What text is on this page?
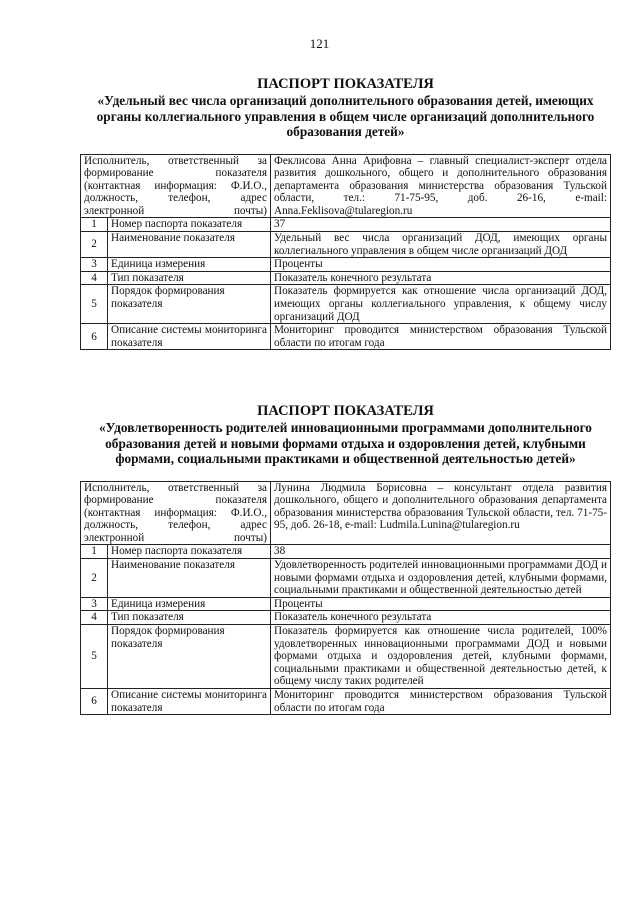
121

ПАСПОРТ ПОКАЗАТЕЛЯ

«Удельный вес числа организаций дополнительного образования детей, имеющих органы коллегиального управления в общем числе организаций дополнительного образования детей»

Исполнитель, ответственный за формирование показателя (контактная информация: Ф.И.О., должность, телефон, адрес электронной почты)		Феклисова Анна Арифовна – главный специалист-эксперт отдела развития дошкольного, общего и дополнительного образования департамента образования министерства образования Тульской области, тел.: 71-75-95, доб. 26-16, e-mail: Anna.Feklisova@tularegion.ru
1	Номер паспорта показателя	37
2	Наименование показателя	Удельный вес числа организаций ДОД, имеющих органы коллегиального управления в общем числе организаций ДОД
3	Единица измерения	Проценты
4	Тип показателя	Показатель конечного результата
5	Порядок формирования показателя	Показатель формируется как отношение числа организаций ДОД, имеющих органы коллегиального управления, к общему числу организаций ДОД
6	Описание системы мониторинга показателя	Мониторинг проводится министерством образования Тульской области по итогам года

ПАСПОРТ ПОКАЗАТЕЛЯ

«Удовлетворенность родителей инновационными программами дополнительного образования детей и новыми формами отдыха и оздоровления детей, клубными формами, социальными практиками и общественной деятельностью детей»

Исполнитель, ответственный за формирование показателя (контактная информация: Ф.И.О., должность, телефон, адрес электронной почты)		Лунина Людмила Борисовна – консультант отдела развития дошкольного, общего и дополнительного образования департамента образования министерства образования Тульской области, тел. 71-75-95, доб. 26-18, e-mail: Ludmila.Lunina@tularegion.ru
1	Номер паспорта показателя	38
2	Наименование показателя	Удовлетворенность родителей инновационными программами ДОД и новыми формами отдыха и оздоровления детей, клубными формами, социальными практиками и общественной деятельностью детей
3	Единица измерения	Проценты
4	Тип показателя	Показатель конечного результата
5	Порядок формирования показателя	Показатель формируется как отношение числа родителей, 100% удовлетворенных инновационными программами ДОД и новыми формами отдыха и оздоровления детей, клубными формами, социальными практиками и общественной деятельностью детей, к общему числу таких родителей
6	Описание системы мониторинга показателя	Мониторинг проводится министерством образования Тульской области по итогам года
